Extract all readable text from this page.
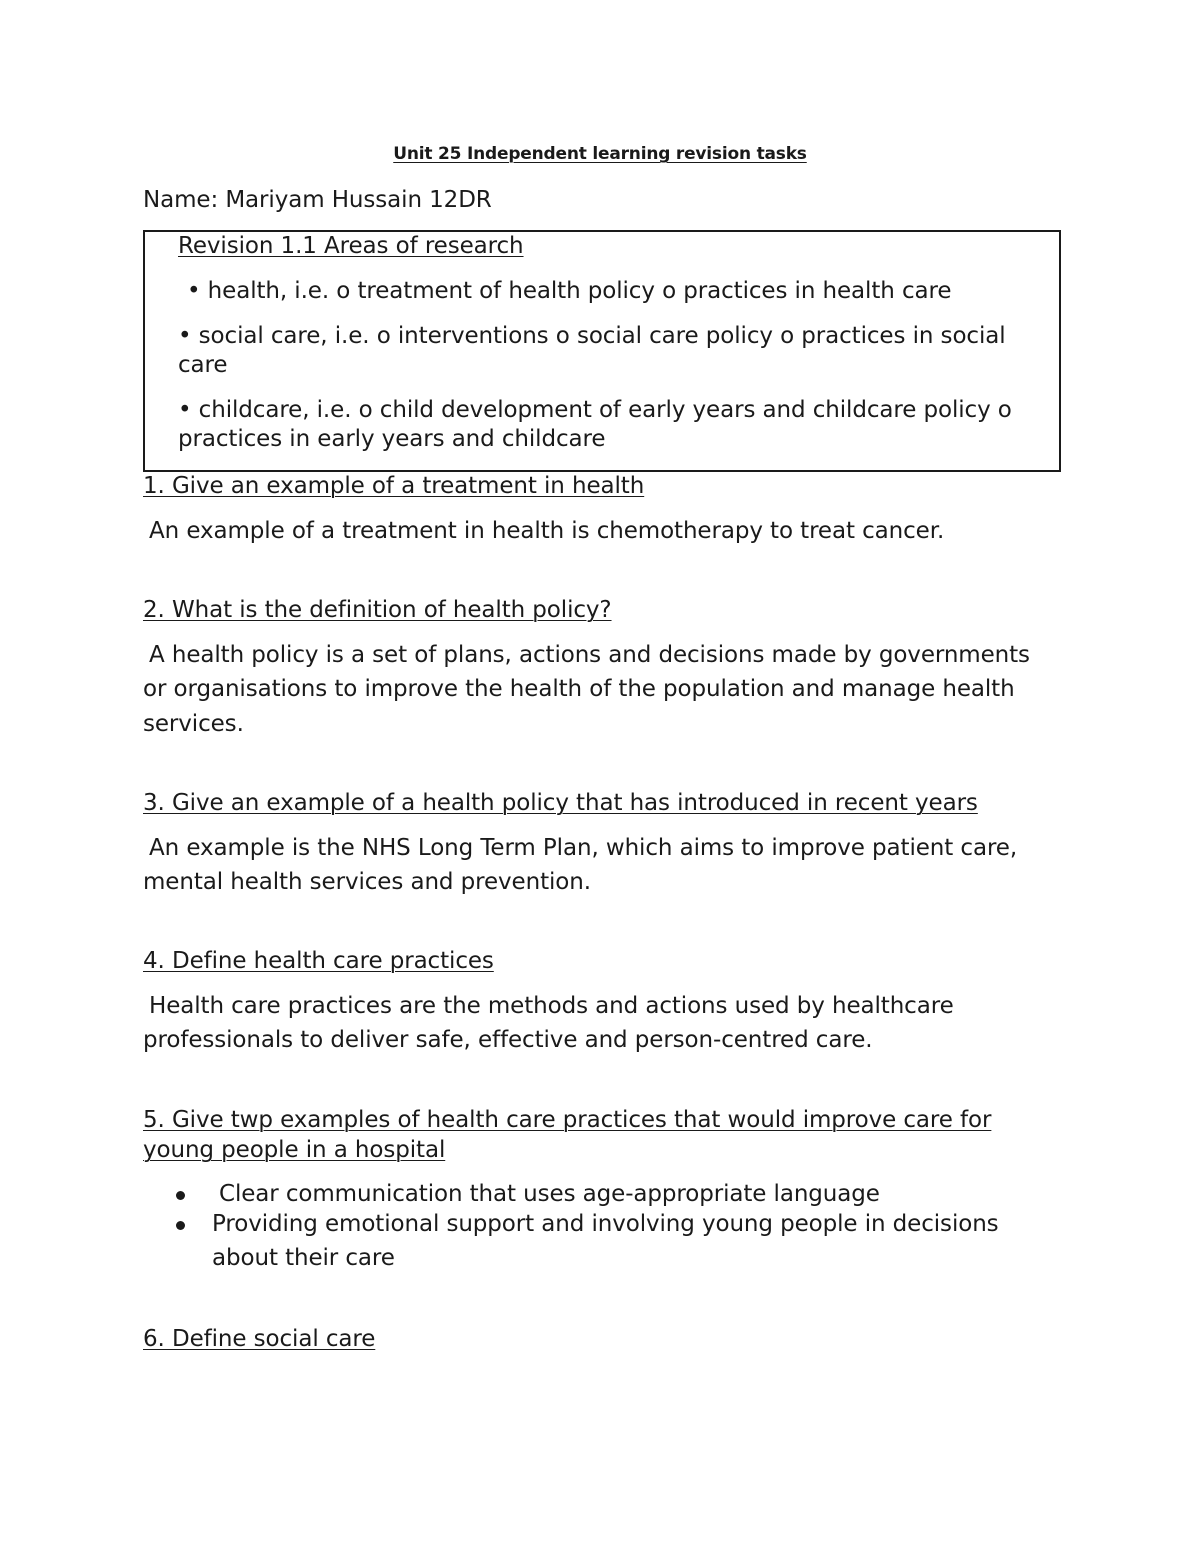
Unit 25 Independent learning revision tasks

Name: Mariyam Hussain 12DR

Revision 1.1 Areas of research

• health, i.e. o treatment of health policy o practices in health care

• social care, i.e. o interventions o social care policy o practices in social

care

• childcare, i.e. o child development of early years and childcare policy o

practices in early years and childcare

1. Give an example of a treatment in health

An example of a treatment in health is chemotherapy to treat cancer.

2. What is the definition of health policy?

A health policy is a set of plans, actions and decisions made by governments

or organisations to improve the health of the population and manage health

services.

3. Give an example of a health policy that has introduced in recent years

An example is the NHS Long Term Plan, which aims to improve patient care,

mental health services and prevention.

4. Define health care practices

Health care practices are the methods and actions used by healthcare

professionals to deliver safe, effective and person-centred care.

5. Give twp examples of health care practices that would improve care for

young people in a hospital

Clear communication that uses age-appropriate language

Providing emotional support and involving young people in decisions

about their care

6. Define social care
